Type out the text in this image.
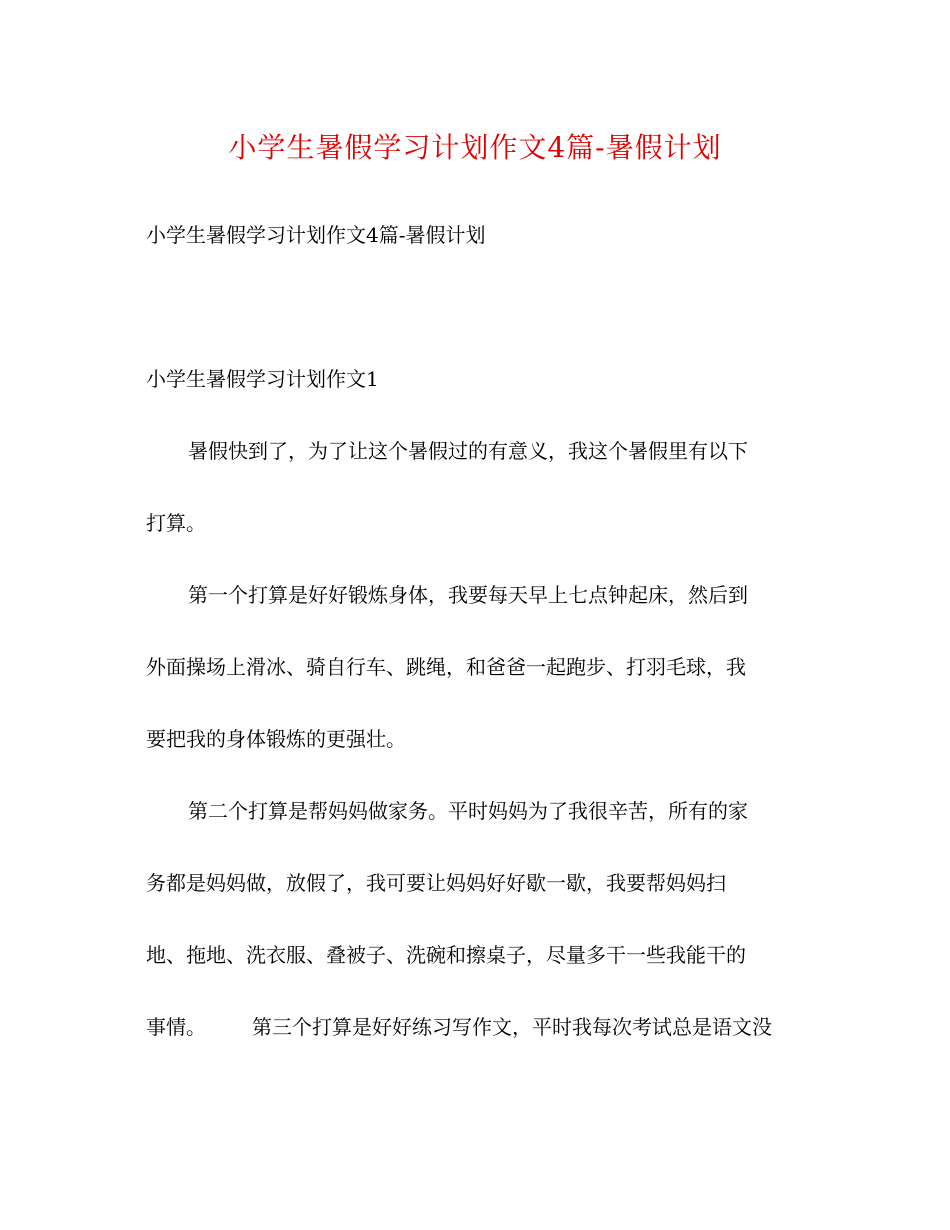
小学生暑假学习计划作文4篇-暑假计划
小学生暑假学习计划作文4篇-暑假计划
小学生暑假学习计划作文1
暑假快到了，为了让这个暑假过的有意义，我这个暑假里有以下
打算。
第一个打算是好好锻炼身体，我要每天早上七点钟起床，然后到
外面操场上滑冰、骑自行车、跳绳，和爸爸一起跑步、打羽毛球，我
要把我的身体锻炼的更强壮。
第二个打算是帮妈妈做家务。平时妈妈为了我很辛苦，所有的家
务都是妈妈做，放假了，我可要让妈妈好好歇一歇，我要帮妈妈扫
地、拖地、洗衣服、叠被子、洗碗和擦桌子，尽量多干一些我能干的
事情。 第三个打算是好好练习写作文，平时我每次考试总是语文没
